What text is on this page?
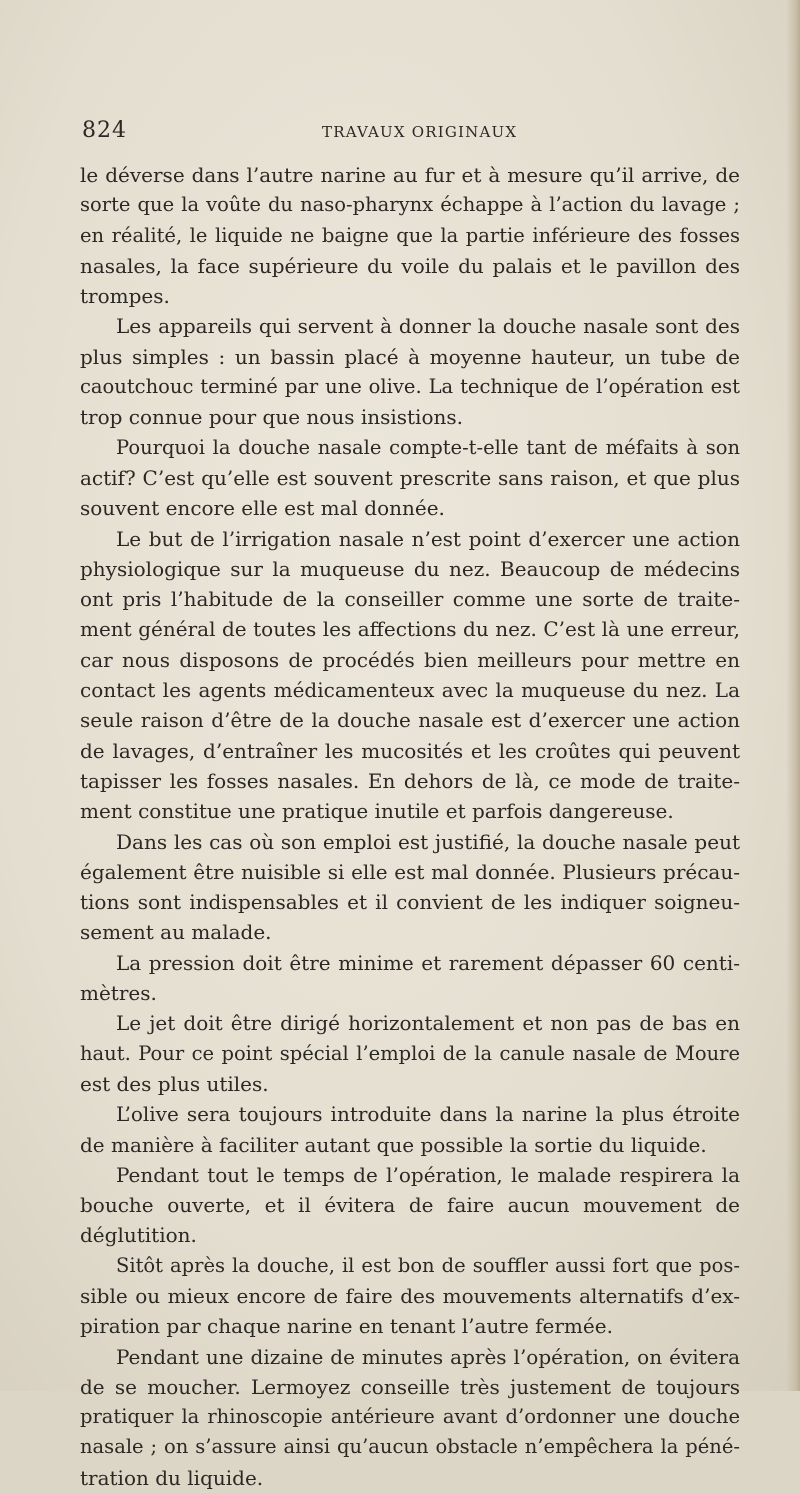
824	TRAVAUX ORIGINAUX
le déverse dans l’autre narine au fur et à mesure qu’il arrive, de
sorte que la voûte du naso-pharynx échappe à l’action du lavage ;
en réalité, le liquide ne baigne que la partie inférieure des fosses
nasales, la face supérieure du voile du palais et le pavillon des
trompes.
Les appareils qui servent à donner la douche nasale sont des
plus simples : un bassin placé à moyenne hauteur, un tube de
caoutchouc terminé par une olive. La technique de l’opération est
trop connue pour que nous insistions.
Pourquoi la douche nasale compte-t-elle tant de méfaits à son
actif? C’est qu’elle est souvent prescrite sans raison, et que plus
souvent encore elle est mal donnée.
Le but de l’irrigation nasale n’est point d’exercer une action
physiologique sur la muqueuse du nez. Beaucoup de médecins
ont pris l’habitude de la conseiller comme une sorte de traite-
ment général de toutes les affections du nez. C’est là une erreur,
car nous disposons de procédés bien meilleurs pour mettre en
contact les agents médicamenteux avec la muqueuse du nez. La
seule raison d’être de la douche nasale est d’exercer une action
de lavages, d’entraîner les mucosités et les croûtes qui peuvent
tapisser les fosses nasales. En dehors de là, ce mode de traite-
ment constitue une pratique inutile et parfois dangereuse.
Dans les cas où son emploi est justifié, la douche nasale peut
également être nuisible si elle est mal donnée. Plusieurs précau-
tions sont indispensables et il convient de les indiquer soigneu-
sement au malade.
La pression doit être minime et rarement dépasser 60 centi-
mètres.
Le jet doit être dirigé horizontalement et non pas de bas en
haut. Pour ce point spécial l’emploi de la canule nasale de Moure
est des plus utiles.
L’olive sera toujours introduite dans la narine la plus étroite
de manière à faciliter autant que possible la sortie du liquide.
Pendant tout le temps de l’opération, le malade respirera la
bouche ouverte, et il évitera de faire aucun mouvement de
déglutition.
Sitôt après la douche, il est bon de souffler aussi fort que pos-
sible ou mieux encore de faire des mouvements alternatifs d’ex-
piration par chaque narine en tenant l’autre fermée.
Pendant une dizaine de minutes après l’opération, on évitera
de se moucher. Lermoyez conseille très justement de toujours
pratiquer la rhinoscopie antérieure avant d’ordonner une douche
nasale ; on s’assure ainsi qu’aucun obstacle n’empêchera la péné-
tration du liquide.
